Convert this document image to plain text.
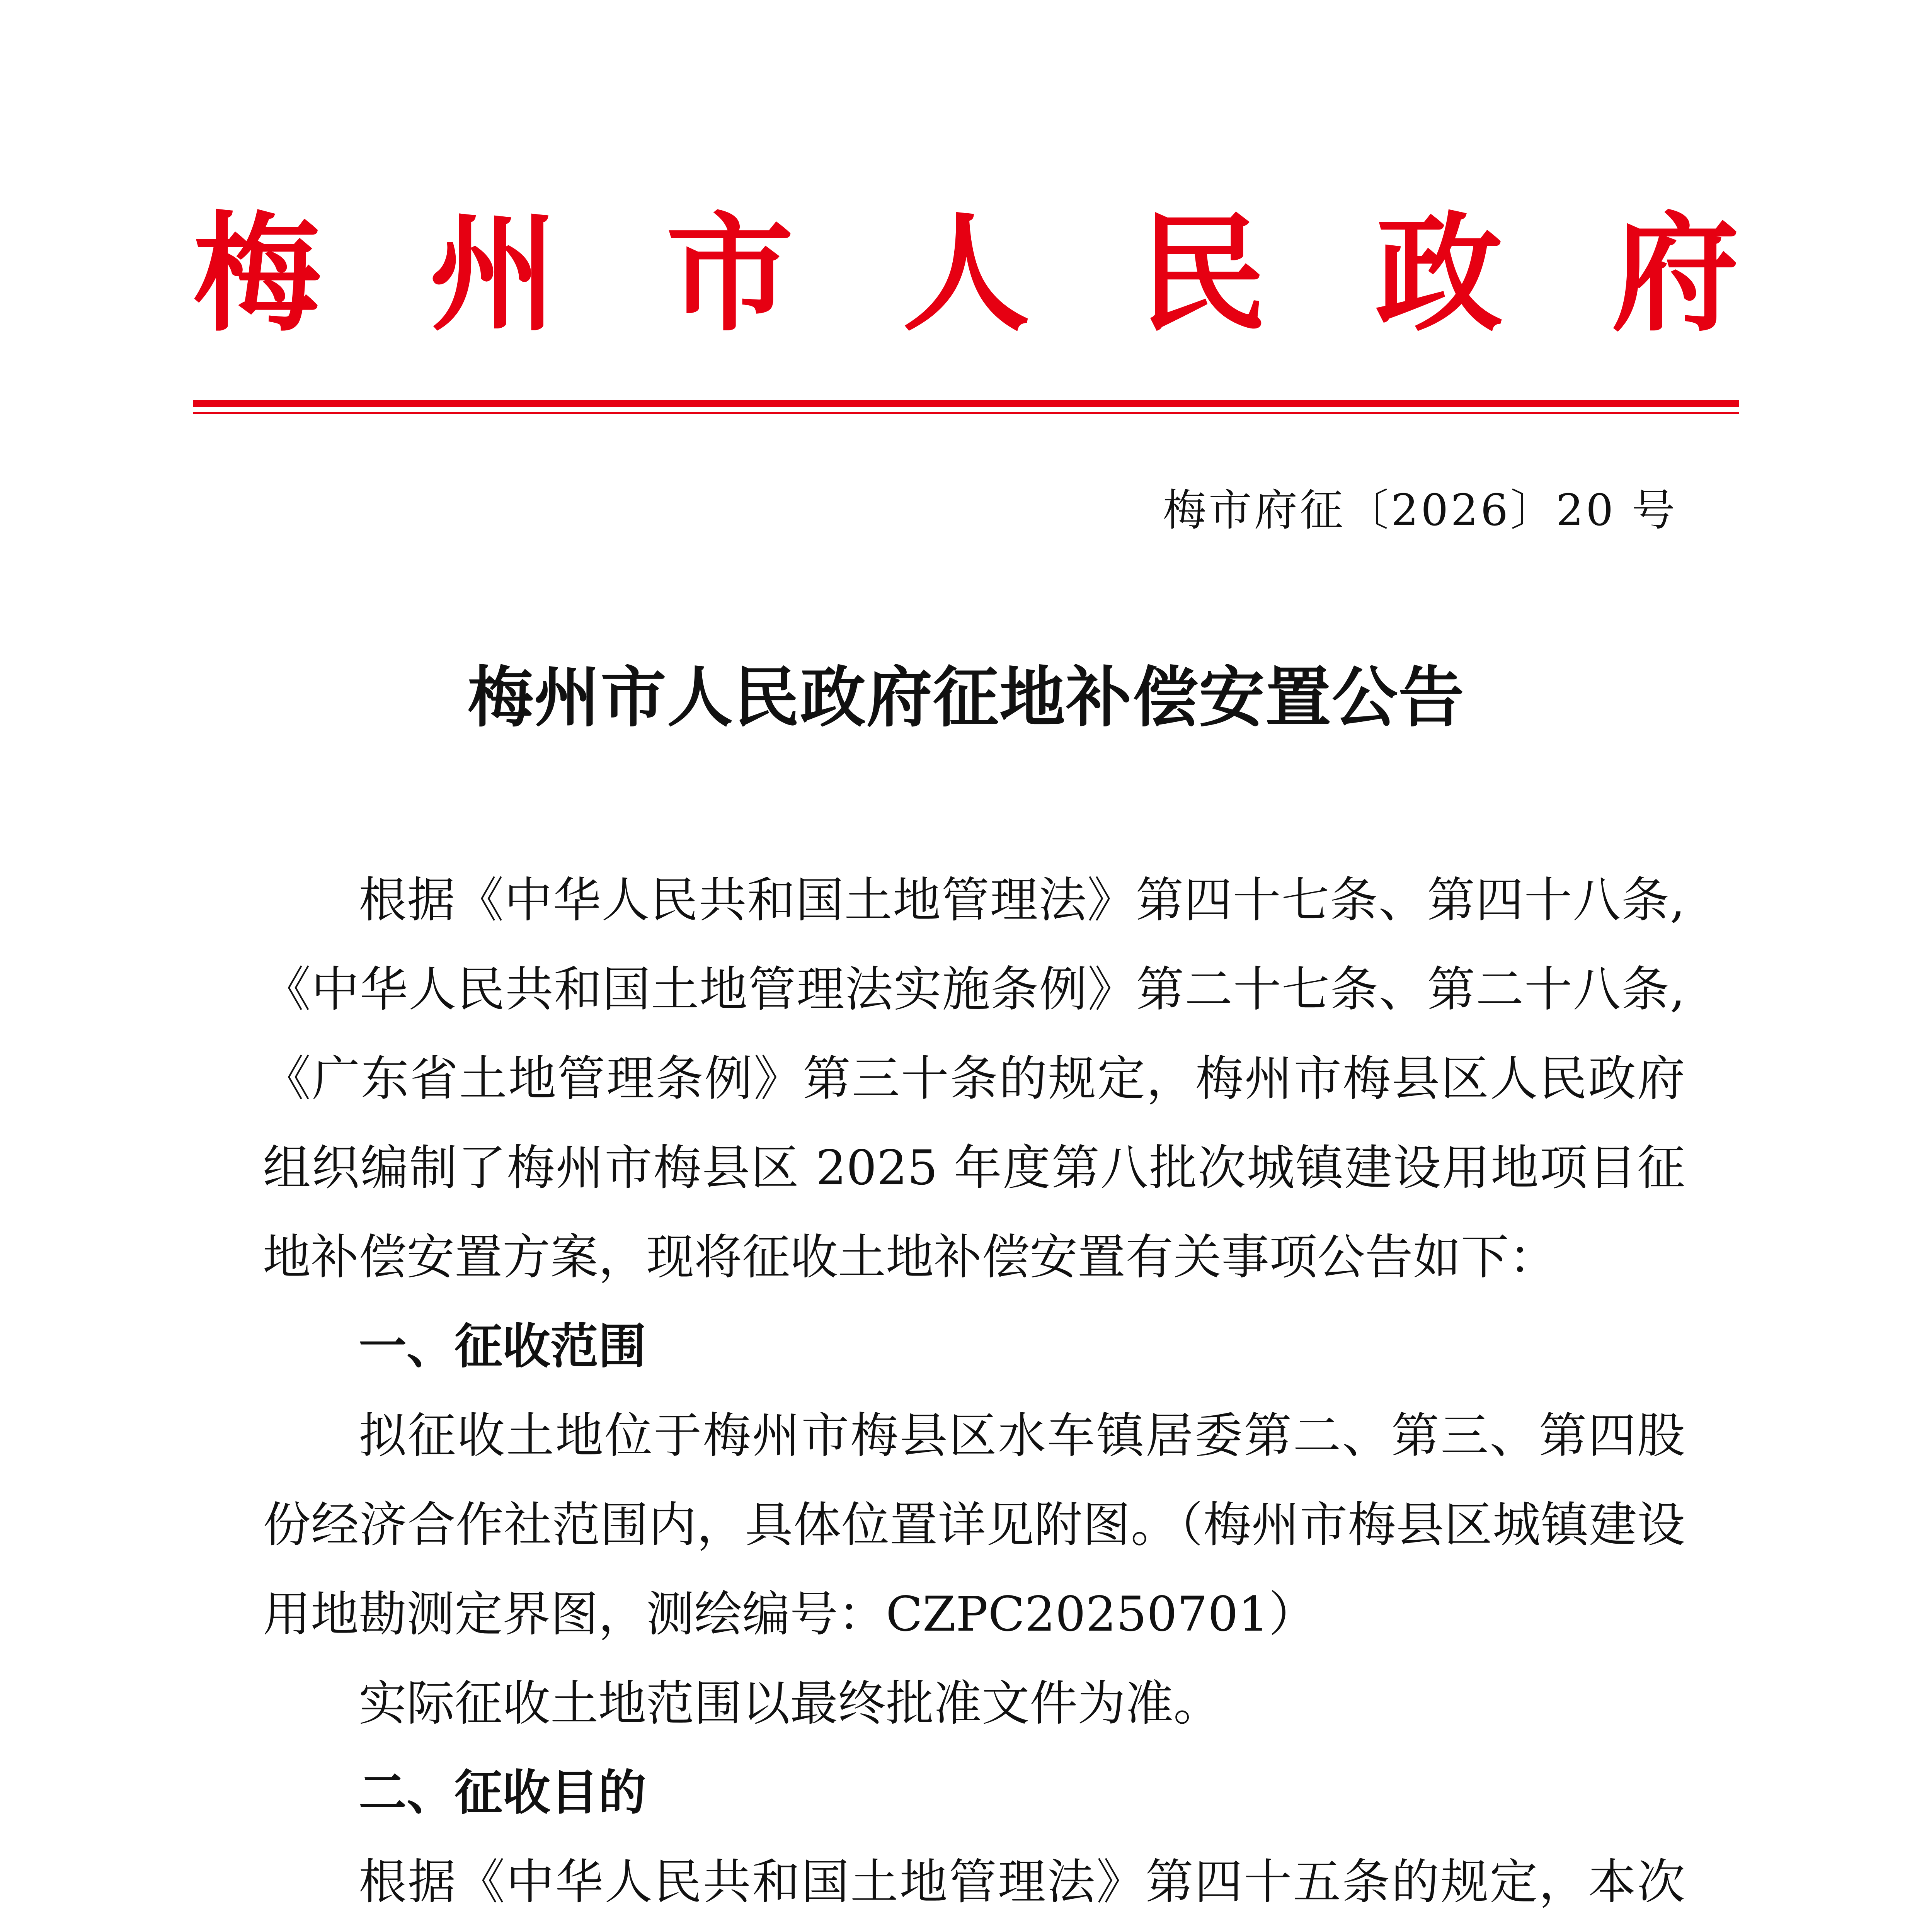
梅 州 市 人 民 政 府
梅市府征〔2026〕20 号
梅州市人民政府征地补偿安置公告

根据《中华人民共和国土地管理法》第四十七条、第四十八条,《中华人民共和国土地管理法实施条例》第二十七条、第二十八条,《广东省土地管理条例》第三十条的规定，梅州市梅县区人民政府组织编制了梅州市梅县区 2025 年度第八批次城镇建设用地项目征地补偿安置方案，现将征收土地补偿安置有关事项公告如下：

一、征收范围

拟征收土地位于梅州市梅县区水车镇居委第二、第三、第四股份经济合作社范围内，具体位置详见附图。（梅州市梅县区城镇建设用地勘测定界图，测绘编号：CZPC20250701）

实际征收土地范围以最终批准文件为准。

二、征收目的

根据《中华人民共和国土地管理法》第四十五条的规定，本次
